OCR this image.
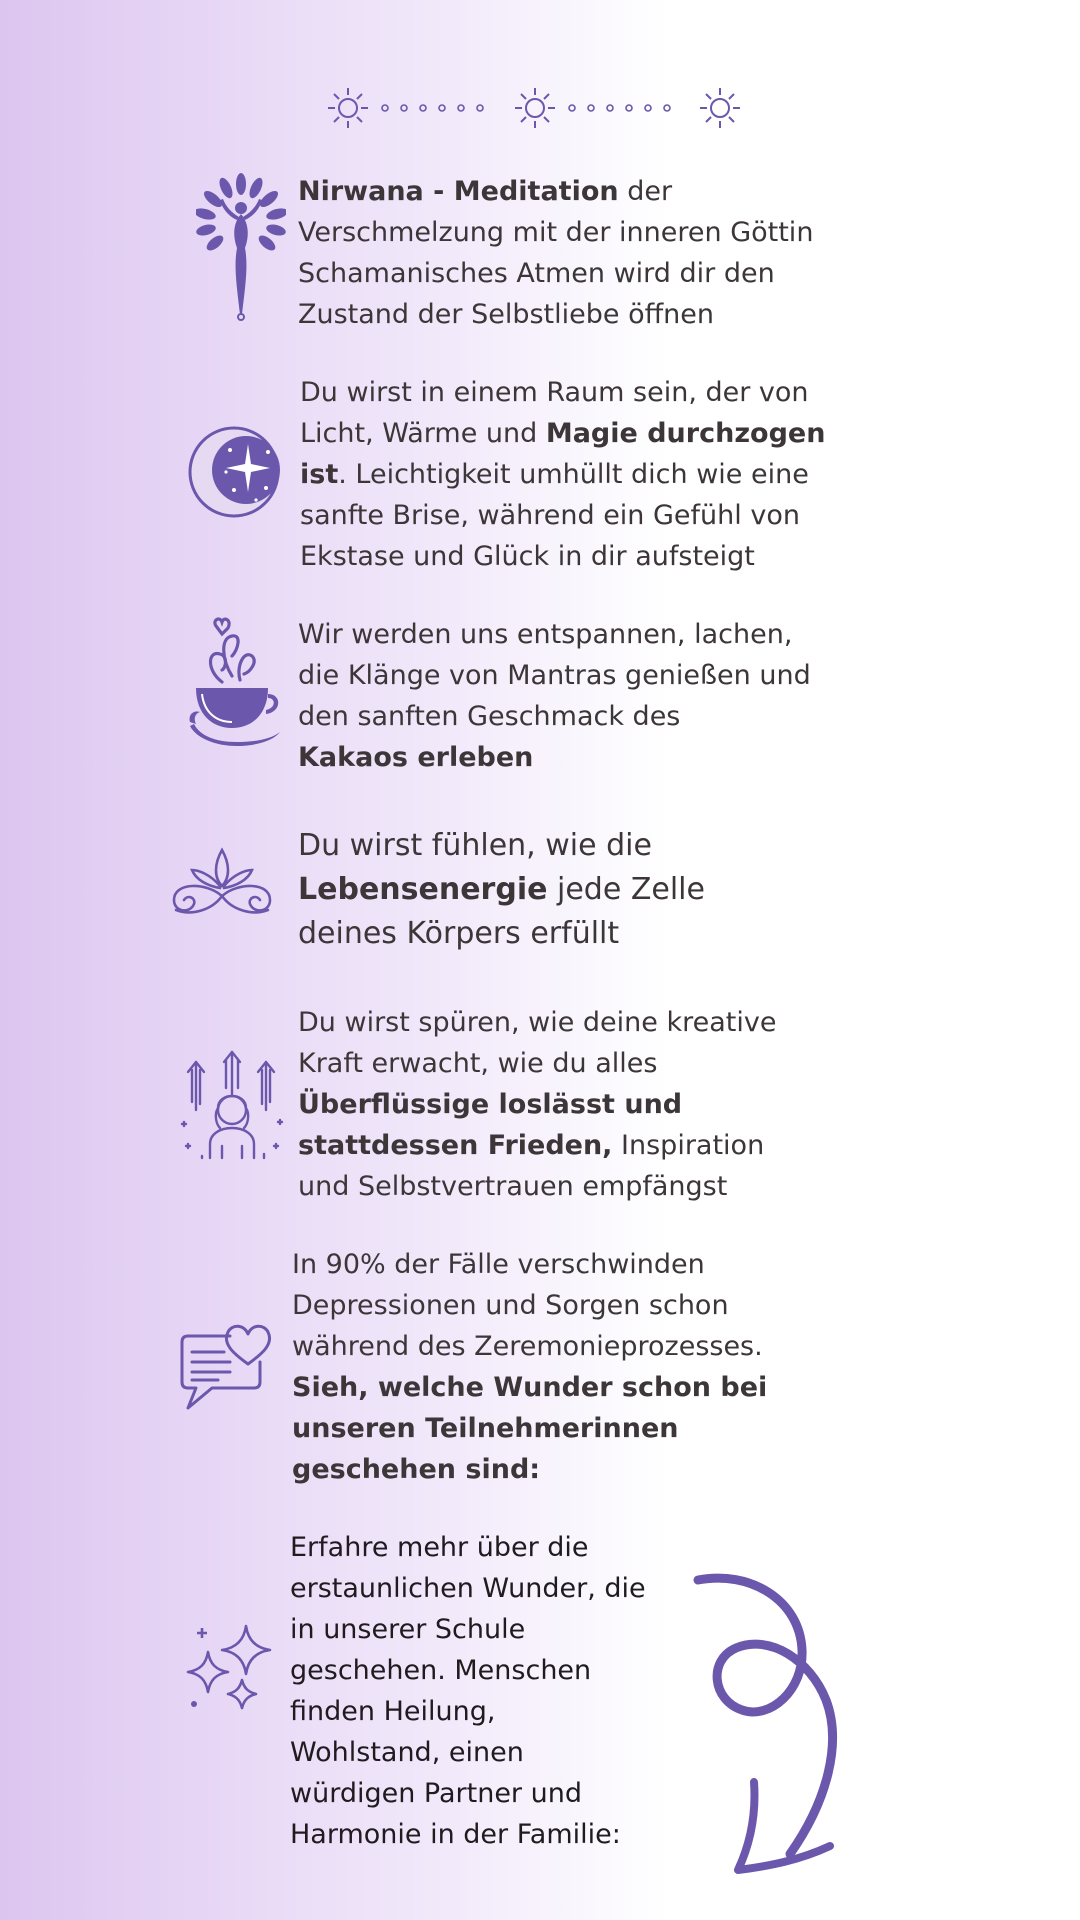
Nirwana - Meditation der
Verschmelzung mit der inneren Göttin
Schamanisches Atmen wird dir den
Zustand der Selbstliebe öffnen
Du wirst in einem Raum sein, der von
Licht, Wärme und Magie durchzogen
ist. Leichtigkeit umhüllt dich wie eine
sanfte Brise, während ein Gefühl von
Ekstase und Glück in dir aufsteigt
Wir werden uns entspannen, lachen,
die Klänge von Mantras genießen und
den sanften Geschmack des
Kakaos erleben
Du wirst fühlen, wie die
Lebensenergie jede Zelle
deines Körpers erfüllt
Du wirst spüren, wie deine kreative
Kraft erwacht, wie du alles
Überflüssige loslässt und
stattdessen Frieden, Inspiration
und Selbstvertrauen empfängst
In 90% der Fälle verschwinden
Depressionen und Sorgen schon
während des Zeremonieprozesses.
Sieh, welche Wunder schon bei
unseren Teilnehmerinnen
geschehen sind:
Erfahre mehr über die
erstaunlichen Wunder, die
in unserer Schule
geschehen. Menschen
finden Heilung,
Wohlstand, einen
würdigen Partner und
Harmonie in der Familie:
